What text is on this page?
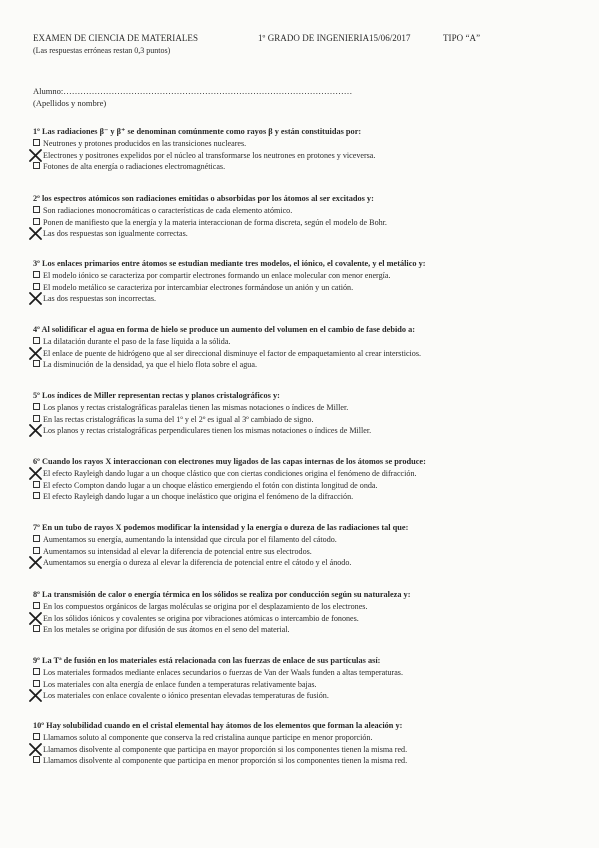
EXAMEN DE CIENCIA DE MATERIALES	1º GRADO DE INGENIERIA 15/06/2017	TIPO “A”
(Las respuestas erróneas restan 0,3 puntos)
Alumno:…………………………………………………………………………………………
(Apellidos y nombre)
1º Las radiaciones β⁻ y β⁺ se denominan comúnmente como rayos β y están constituidas por:
Neutrones y protones producidos en las transiciones nucleares.
Electrones y positrones expelidos por el núcleo al transformarse los neutrones en protones y viceversa.
Fotones de alta energía o radiaciones electromagnéticas.
2º los espectros atómicos son radiaciones emitidas o absorbidas por los átomos al ser excitados y:
Son radiaciones monocromáticas o características de cada elemento atómico.
Ponen de manifiesto que la energía y la materia interaccionan de forma discreta, según el modelo de Bohr.
Las dos respuestas son igualmente correctas.
3º Los enlaces primarios entre átomos se estudian mediante tres modelos, el iónico, el covalente, y el metálico y:
El modelo iónico se caracteriza por compartir electrones formando un enlace molecular con menor energía.
El modelo metálico se caracteriza por intercambiar electrones formándose un anión y un catión.
Las dos respuestas son incorrectas.
4º Al solidificar el agua en forma de hielo se produce un aumento del volumen en el cambio de fase debido a:
La dilatación durante el paso de la fase líquida a la sólida.
El enlace de puente de hidrógeno que al ser direccional disminuye el factor de empaquetamiento al crear intersticios.
La disminución de la densidad, ya que el hielo flota sobre el agua.
5º Los índices de Miller representan rectas y planos cristalográficos y:
Los planos y rectas cristalográficas paralelas tienen las mismas notaciones o índices de Miller.
En las rectas cristalográficas la suma del 1º y el 2º es igual al 3º cambiado de signo.
Los planos y rectas cristalográficas perpendiculares tienen los mismas notaciones o índices de Miller.
6º Cuando los rayos X interaccionan con electrones muy ligados de las capas internas de los átomos se produce:
El efecto Rayleigh dando lugar a un choque clástico que con ciertas condiciones origina el fenómeno de difracción.
El efecto Compton dando lugar a un choque elástico emergiendo el fotón con distinta longitud de onda.
El efecto Rayleigh dando lugar a un choque inelástico que origina el fenómeno de la difracción.
7º En un tubo de rayos X podemos modificar la intensidad y la energía o dureza de las radiaciones tal que:
Aumentamos su energía, aumentando la intensidad que circula por el filamento del cátodo.
Aumentamos su intensidad al elevar la diferencia de potencial entre sus electrodos.
Aumentamos su energía o dureza al elevar la diferencia de potencial entre el cátodo y el ánodo.
8º La transmisión de calor o energía térmica en los sólidos se realiza por conducción según su naturaleza y:
En los compuestos orgánicos de largas moléculas se origina por el desplazamiento de los electrones.
En los sólidos iónicos y covalentes se origina por vibraciones atómicas o intercambio de fonones.
En los metales se origina por difusión de sus átomos en el seno del material.
9º La Tª de fusión en los materiales está relacionada con las fuerzas de enlace de sus partículas así:
Los materiales formados mediante enlaces secundarios o fuerzas de Van der Waals funden a altas temperaturas.
Los materiales con alta energía de enlace funden a temperaturas relativamente bajas.
Los materiales con enlace covalente o iónico presentan elevadas temperaturas de fusión.
10º Hay solubilidad cuando en el cristal elemental hay átomos de los elementos que forman la aleación y:
Llamamos soluto al componente que conserva la red cristalina aunque participe en menor proporción.
Llamamos disolvente al componente que participa en mayor proporción si los componentes tienen la misma red.
Llamamos disolvente al componente que participa en menor proporción si los componentes tienen la misma red.
